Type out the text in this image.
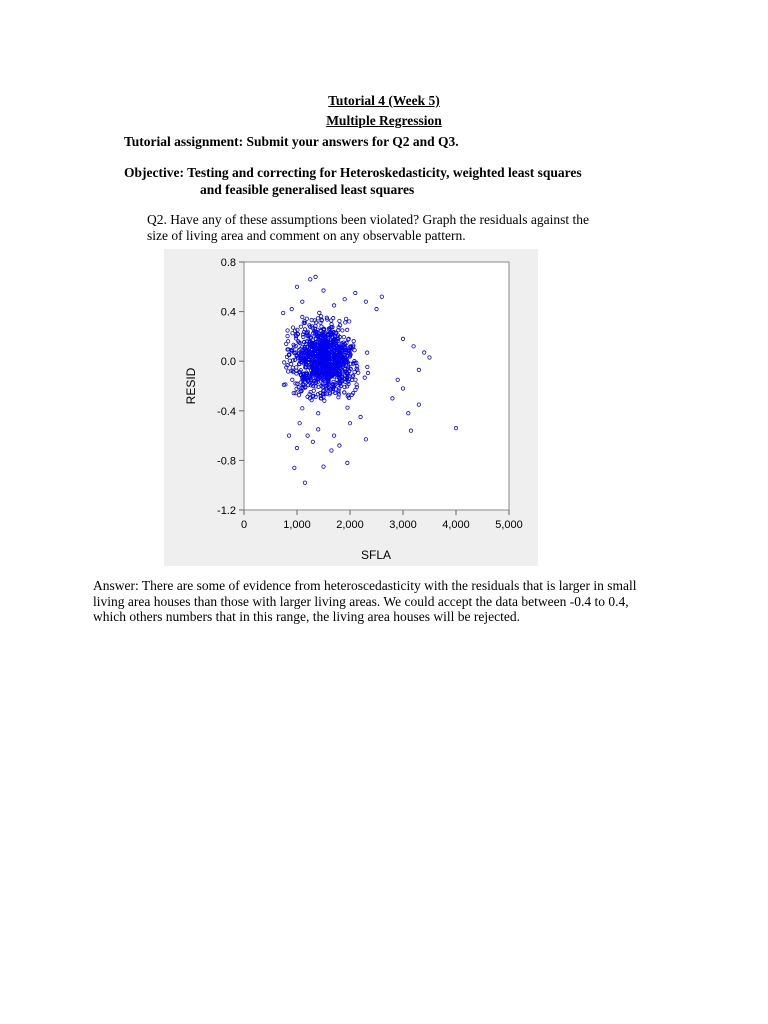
Tutorial 4 (Week 5)
Multiple Regression
Tutorial assignment: Submit your answers for Q2 and Q3.
Objective: Testing and correcting for Heteroskedasticity, weighted least squares
and feasible generalised least squares
Q2. Have any of these assumptions been violated? Graph the residuals against the
size of living area and comment on any observable pattern.
0.8
0.4
0.0
-0.4
-0.8
-1.2
0	1,000 2,000 3,000 4,000 5,000
SFLA
RESID
Answer: There are some of evidence from heteroscedasticity with the residuals that is larger in small
living area houses than those with larger living areas. We could accept the data between -0.4 to 0.4,
which others numbers that in this range, the living area houses will be rejected.
